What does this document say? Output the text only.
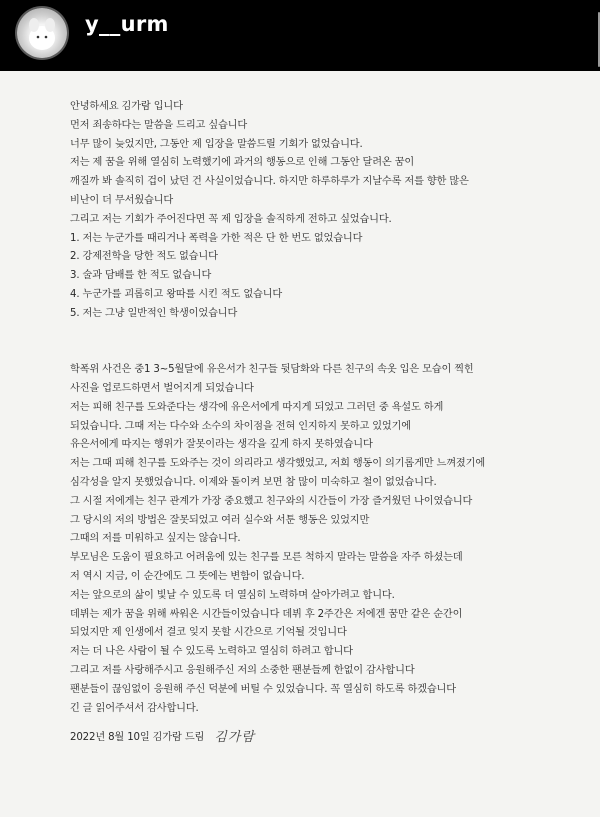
y__urm
안녕하세요 김가람 입니다
먼저 죄송하다는 말씀을 드리고 싶습니다
너무 많이 늦었지만, 그동안 제 입장을 말씀드릴 기회가 없었습니다.
저는 제 꿈을 위해 열심히 노력했기에 과거의 행동으로 인해 그동안 달려온 꿈이
깨질까 봐 솔직히 겁이 났던 건 사실이었습니다. 하지만 하루하루가 지날수록 저를 향한 많은
비난이 더 무서웠습니다
그리고 저는 기회가 주어진다면 꼭 제 입장을 솔직하게 전하고 싶었습니다.
1. 저는 누군가를 때리거나 폭력을 가한 적은 단 한 번도 없었습니다
2. 강제전학을 당한 적도 없습니다
3. 술과 담배를 한 적도 없습니다
4. 누군가를 괴롭히고 왕따를 시킨 적도 없습니다
5. 저는 그냥 일반적인 학생이었습니다
학폭위 사건은 중1 3~5월달에 유은서가 친구들 뒷담화와 다른 친구의 속옷 입은 모습이 찍힌
사진을 업로드하면서 벌어지게 되었습니다
저는 피해 친구를 도와준다는 생각에 유은서에게 따지게 되었고 그러던 중 욕설도 하게
되었습니다. 그때 저는 다수와 소수의 차이점을 전혀 인지하지 못하고 있었기에
유은서에게 따지는 행위가 잘못이라는 생각을 깊게 하지 못하였습니다
저는 그때 피해 친구를 도와주는 것이 의리라고 생각했었고, 저희 행동이 의기롭게만 느껴졌기에
심각성을 알지 못했었습니다. 이제와 돌이켜 보면 참 많이 미숙하고 철이 없었습니다.
그 시절 저에게는 친구 관계가 가장 중요했고 친구와의 시간들이 가장 즐거웠던 나이였습니다
그 당시의 저의 방법은 잘못되었고 여러 실수와 서툰 행동은 있었지만
그때의 저를 미워하고 싶지는 않습니다.
부모님은 도움이 필요하고 어려움에 있는 친구를 모른 척하지 말라는 말씀을 자주 하셨는데
저 역시 지금, 이 순간에도 그 뜻에는 변함이 없습니다.
저는 앞으로의 삶이 빛날 수 있도록 더 열심히 노력하며 살아가려고 합니다.
데뷔는 제가 꿈을 위해 싸워온 시간들이었습니다 데뷔 후 2주간은 저에겐 꿈만 같은 순간이
되었지만 제 인생에서 결코 잊지 못할 시간으로 기억될 것입니다
저는 더 나은 사람이 될 수 있도록 노력하고 열심히 하려고 합니다
그리고 저를 사랑해주시고 응원해주신 저의 소중한 팬분들께 한없이 감사합니다
팬분들이 끊임없이 응원해 주신 덕분에 버틸 수 있었습니다. 꼭 열심히 하도록 하겠습니다
긴 글 읽어주셔서 감사합니다.
2022년 8월 10일 김가람 드림 김가람
